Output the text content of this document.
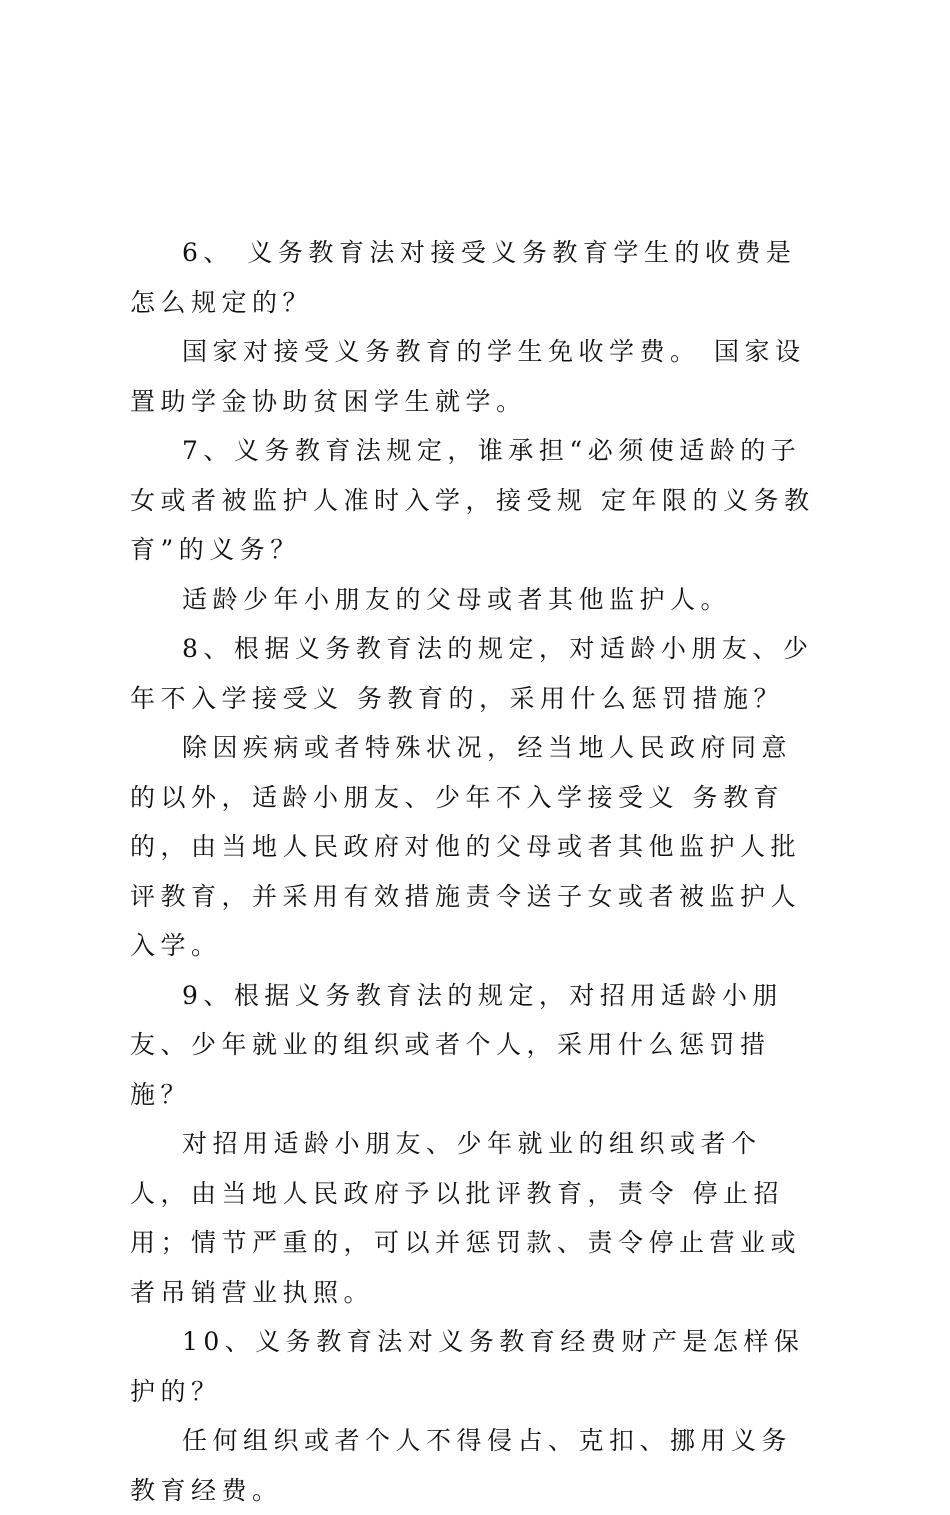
6、 义务教育法对接受义务教育学生的收费是怎么规定的？

国家对接受义务教育的学生免收学费。 国家设置助学金协助贫困学生就学。

7、义务教育法规定，谁承担“必须使适龄的子女或者被监护人准时入学，接受规 定年限的义务教育”的义务？

适龄少年小朋友的父母或者其他监护人。

8、根据义务教育法的规定，对适龄小朋友、少年不入学接受义 务教育的，采用什么惩罚措施？

除因疾病或者特殊状况，经当地人民政府同意的以外，适龄小朋友、少年不入学接受义 务教育的，由当地人民政府对他的父母或者其他监护人批评教育，并采用有效措施责令送子女或者被监护人入学。

9、根据义务教育法的规定，对招用适龄小朋友、少年就业的组织或者个人，采用什么惩罚措施？

对招用适龄小朋友、少年就业的组织或者个人，由当地人民政府予以批评教育，责令 停止招用；情节严重的，可以并惩罚款、责令停止营业或者吊销营业执照。

10、义务教育法对义务教育经费财产是怎样保护的？

任何组织或者个人不得侵占、克扣、挪用义务教育经费。
